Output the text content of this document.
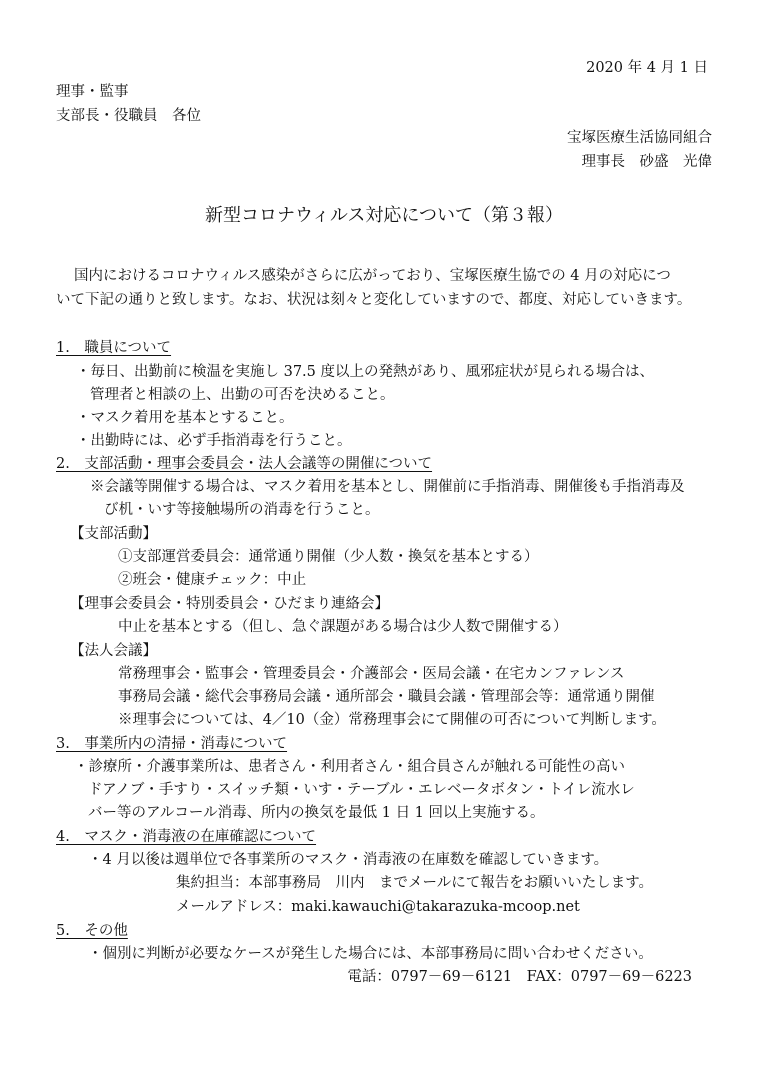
2020 年 4 月 1 日
理事・監事
支部長・役職員　各位
宝塚医療生活協同組合
理事長　砂盛　光偉
新型コロナウィルス対応について（第３報）
国内におけるコロナウィルス感染がさらに広がっており、宝塚医療生協での 4 月の対応につ
いて下記の通りと致します。なお、状況は刻々と変化していますので、都度、対応していきます。
1.　職員について
・毎日、出勤前に検温を実施し 37.5 度以上の発熱があり、風邪症状が見られる場合は、
管理者と相談の上、出勤の可否を決めること。
・マスク着用を基本とすること。
・出勤時には、必ず手指消毒を行うこと。
2.　支部活動・理事会委員会・法人会議等の開催について
※会議等開催する場合は、マスク着用を基本とし、開催前に手指消毒、開催後も手指消毒及
び机・いす等接触場所の消毒を行うこと。
【支部活動】
①支部運営委員会：通常通り開催（少人数・換気を基本とする）
②班会・健康チェック：中止
【理事会委員会・特別委員会・ひだまり連絡会】
中止を基本とする（但し、急ぐ課題がある場合は少人数で開催する）
【法人会議】
常務理事会・監事会・管理委員会・介護部会・医局会議・在宅カンファレンス
事務局会議・総代会事務局会議・通所部会・職員会議・管理部会等：通常通り開催
※理事会については、4／10（金）常務理事会にて開催の可否について判断します。
3.　事業所内の清掃・消毒について
・診療所・介護事業所は、患者さん・利用者さん・組合員さんが触れる可能性の高い
ドアノブ・手すり・スイッチ類・いす・テーブル・エレベータボタン・トイレ流水レ
バー等のアルコール消毒、所内の換気を最低 1 日 1 回以上実施する。
4.　マスク・消毒液の在庫確認について
・4 月以後は週単位で各事業所のマスク・消毒液の在庫数を確認していきます。
集約担当：本部事務局　川内　までメールにて報告をお願いいたします。
メールアドレス：maki.kawauchi@takarazuka-mcoop.net
5.　その他
・個別に判断が必要なケースが発生した場合には、本部事務局に問い合わせください。
電話：0797－69－6121　FAX：0797－69－6223
